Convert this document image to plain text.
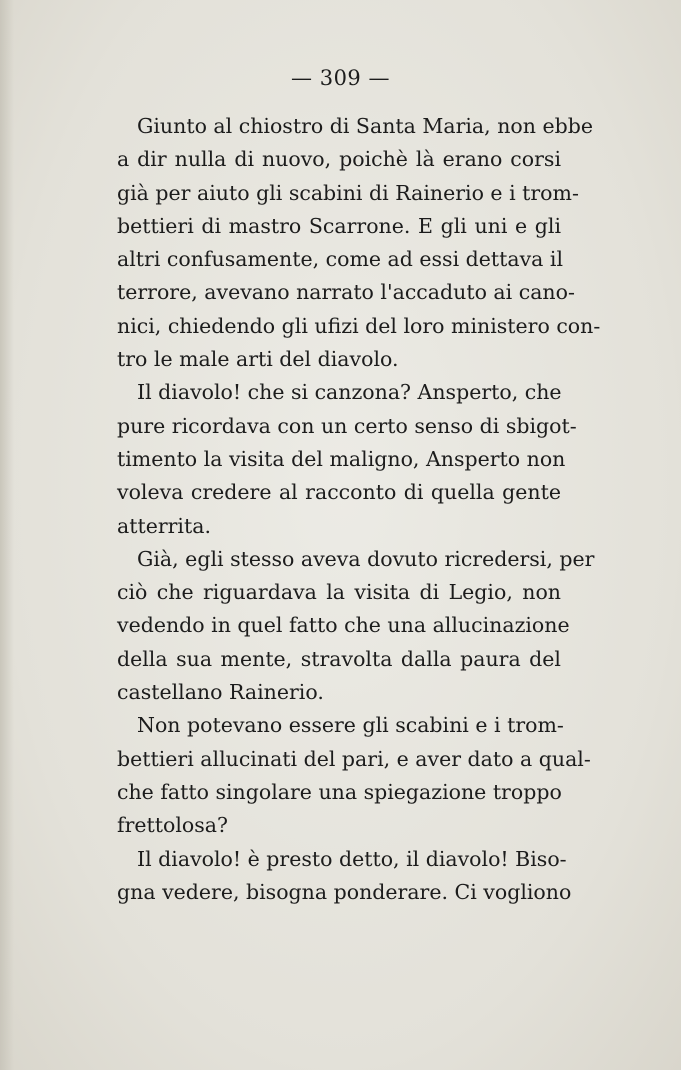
— 309 —
Giunto al chiostro di Santa Maria, non ebbe
a dir nulla di nuovo, poichè là erano corsi
già per aiuto gli scabini di Rainerio e i trom-
bettieri di mastro Scarrone. E gli uni e gli
altri confusamente, come ad essi dettava il
terrore, avevano narrato l'accaduto ai cano-
nici, chiedendo gli ufizi del loro ministero con-
tro le male arti del diavolo.
Il diavolo! che si canzona? Ansperto, che
pure ricordava con un certo senso di sbigot-
timento la visita del maligno, Ansperto non
voleva credere al racconto di quella gente
atterrita.
Già, egli stesso aveva dovuto ricredersi, per
ciò che riguardava la visita di Legio, non
vedendo in quel fatto che una allucinazione
della sua mente, stravolta dalla paura del
castellano Rainerio.
Non potevano essere gli scabini e i trom-
bettieri allucinati del pari, e aver dato a qual-
che fatto singolare una spiegazione troppo
frettolosa?
Il diavolo! è presto detto, il diavolo! Biso-
gna vedere, bisogna ponderare. Ci vogliono
